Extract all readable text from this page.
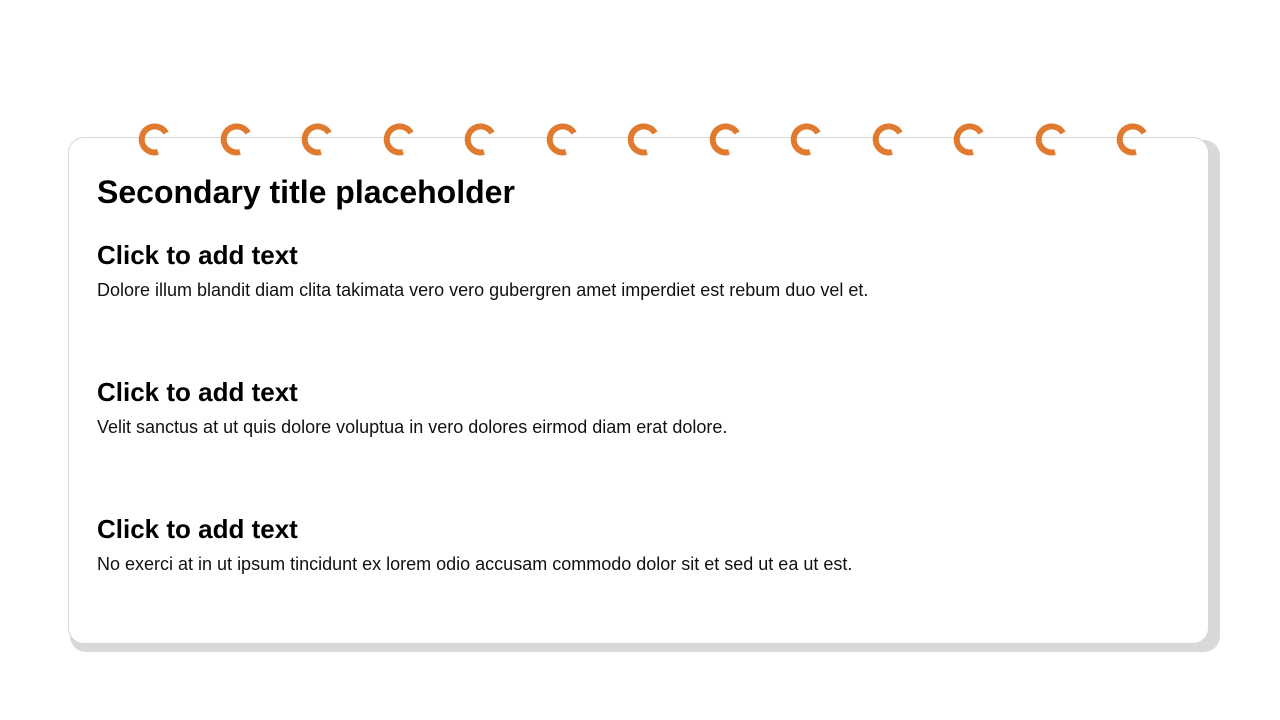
Secondary title placeholder
Click to add text

Dolore illum blandit diam clita takimata vero vero gubergren amet imperdiet est rebum duo vel et.

Click to add text

Velit sanctus at ut quis dolore voluptua in vero dolores eirmod diam erat dolore.

Click to add text

No exerci at in ut ipsum tincidunt ex lorem odio accusam commodo dolor sit et sed ut ea ut est.
